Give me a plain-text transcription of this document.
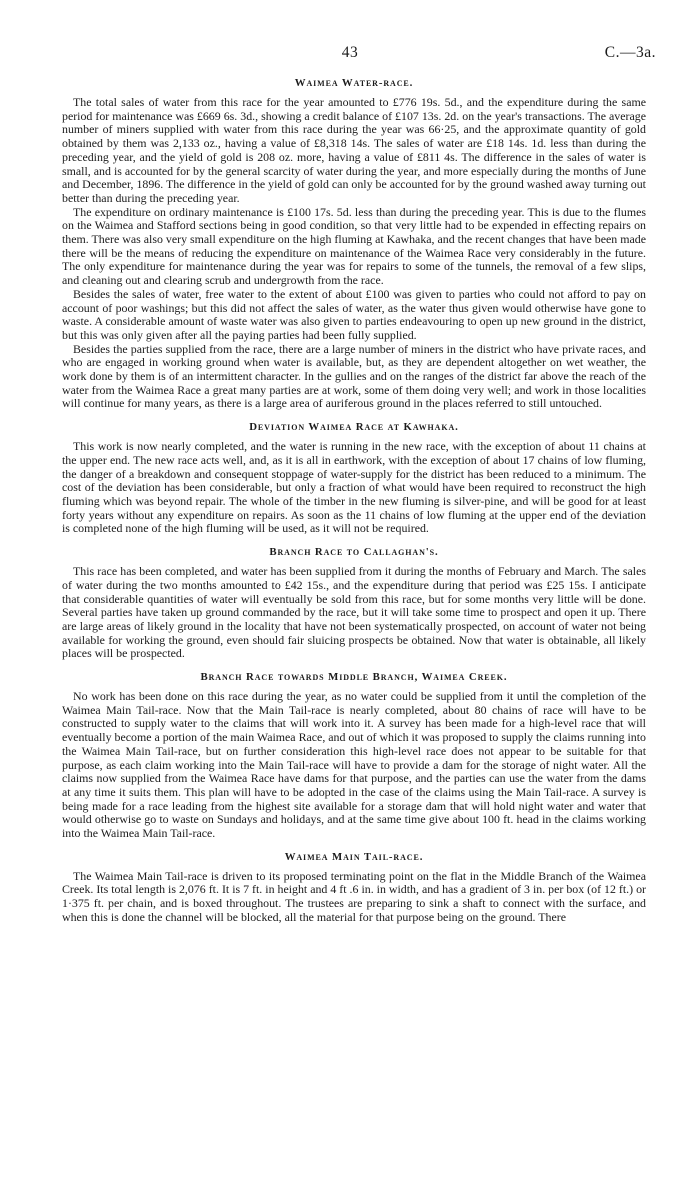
43	C.—3a.
Waimea Water-race.

The total sales of water from this race for the year amounted to £776 19s. 5d., and the expenditure during the same period for maintenance was £669 6s. 3d., showing a credit balance of £107 13s. 2d. on the year's transactions. The average number of miners supplied with water from this race during the year was 66·25, and the approximate quantity of gold obtained by them was 2,133 oz., having a value of £8,318 14s. The sales of water are £18 14s. 1d. less than during the preceding year, and the yield of gold is 208 oz. more, having a value of £811 4s. The difference in the sales of water is small, and is accounted for by the general scarcity of water during the year, and more especially during the months of June and December, 1896. The difference in the yield of gold can only be accounted for by the ground washed away turning out better than during the preceding year.

The expenditure on ordinary maintenance is £100 17s. 5d. less than during the preceding year. This is due to the flumes on the Waimea and Stafford sections being in good condition, so that very little had to be expended in effecting repairs on them. There was also very small expenditure on the high fluming at Kawhaka, and the recent changes that have been made there will be the means of reducing the expenditure on maintenance of the Waimea Race very considerably in the future. The only expenditure for maintenance during the year was for repairs to some of the tunnels, the removal of a few slips, and cleaning out and clearing scrub and undergrowth from the race.

Besides the sales of water, free water to the extent of about £100 was given to parties who could not afford to pay on account of poor washings; but this did not affect the sales of water, as the water thus given would otherwise have gone to waste. A considerable amount of waste water was also given to parties endeavouring to open up new ground in the district, but this was only given after all the paying parties had been fully supplied.

Besides the parties supplied from the race, there are a large number of miners in the district who have private races, and who are engaged in working ground when water is available, but, as they are dependent altogether on wet weather, the work done by them is of an intermittent character. In the gullies and on the ranges of the district far above the reach of the water from the Waimea Race a great many parties are at work, some of them doing very well; and work in those localities will continue for many years, as there is a large area of auriferous ground in the places referred to still untouched.

Deviation Waimea Race at Kawhaka.

This work is now nearly completed, and the water is running in the new race, with the exception of about 11 chains at the upper end. The new race acts well, and, as it is all in earthwork, with the exception of about 17 chains of low fluming, the danger of a breakdown and consequent stoppage of water-supply for the district has been reduced to a minimum. The cost of the deviation has been considerable, but only a fraction of what would have been required to reconstruct the high fluming which was beyond repair. The whole of the timber in the new fluming is silver-pine, and will be good for at least forty years without any expenditure on repairs. As soon as the 11 chains of low fluming at the upper end of the deviation is completed none of the high fluming will be used, as it will not be required.

Branch Race to Callaghan's.

This race has been completed, and water has been supplied from it during the months of February and March. The sales of water during the two months amounted to £42 15s., and the expenditure during that period was £25 15s. I anticipate that considerable quantities of water will eventually be sold from this race, but for some months very little will be done. Several parties have taken up ground commanded by the race, but it will take some time to prospect and open it up. There are large areas of likely ground in the locality that have not been systematically prospected, on account of water not being available for working the ground, even should fair sluicing prospects be obtained. Now that water is obtainable, all likely places will be prospected.

Branch Race towards Middle Branch, Waimea Creek.

No work has been done on this race during the year, as no water could be supplied from it until the completion of the Waimea Main Tail-race. Now that the Main Tail-race is nearly completed, about 80 chains of race will have to be constructed to supply water to the claims that will work into it. A survey has been made for a high-level race that will eventually become a portion of the main Waimea Race, and out of which it was proposed to supply the claims running into the Waimea Main Tail-race, but on further consideration this high-level race does not appear to be suitable for that purpose, as each claim working into the Main Tail-race will have to provide a dam for the storage of night water. All the claims now supplied from the Waimea Race have dams for that purpose, and the parties can use the water from the dams at any time it suits them. This plan will have to be adopted in the case of the claims using the Main Tail-race. A survey is being made for a race leading from the highest site available for a storage dam that will hold night water and water that would otherwise go to waste on Sundays and holidays, and at the same time give about 100 ft. head in the claims working into the Waimea Main Tail-race.

Waimea Main Tail-race.

The Waimea Main Tail-race is driven to its proposed terminating point on the flat in the Middle Branch of the Waimea Creek. Its total length is 2,076 ft. It is 7 ft. in height and 4 ft .6 in. in width, and has a gradient of 3 in. per box (of 12 ft.) or 1·375 ft. per chain, and is boxed throughout. The trustees are preparing to sink a shaft to connect with the surface, and when this is done the channel will be blocked, all the material for that purpose being on the ground. There
